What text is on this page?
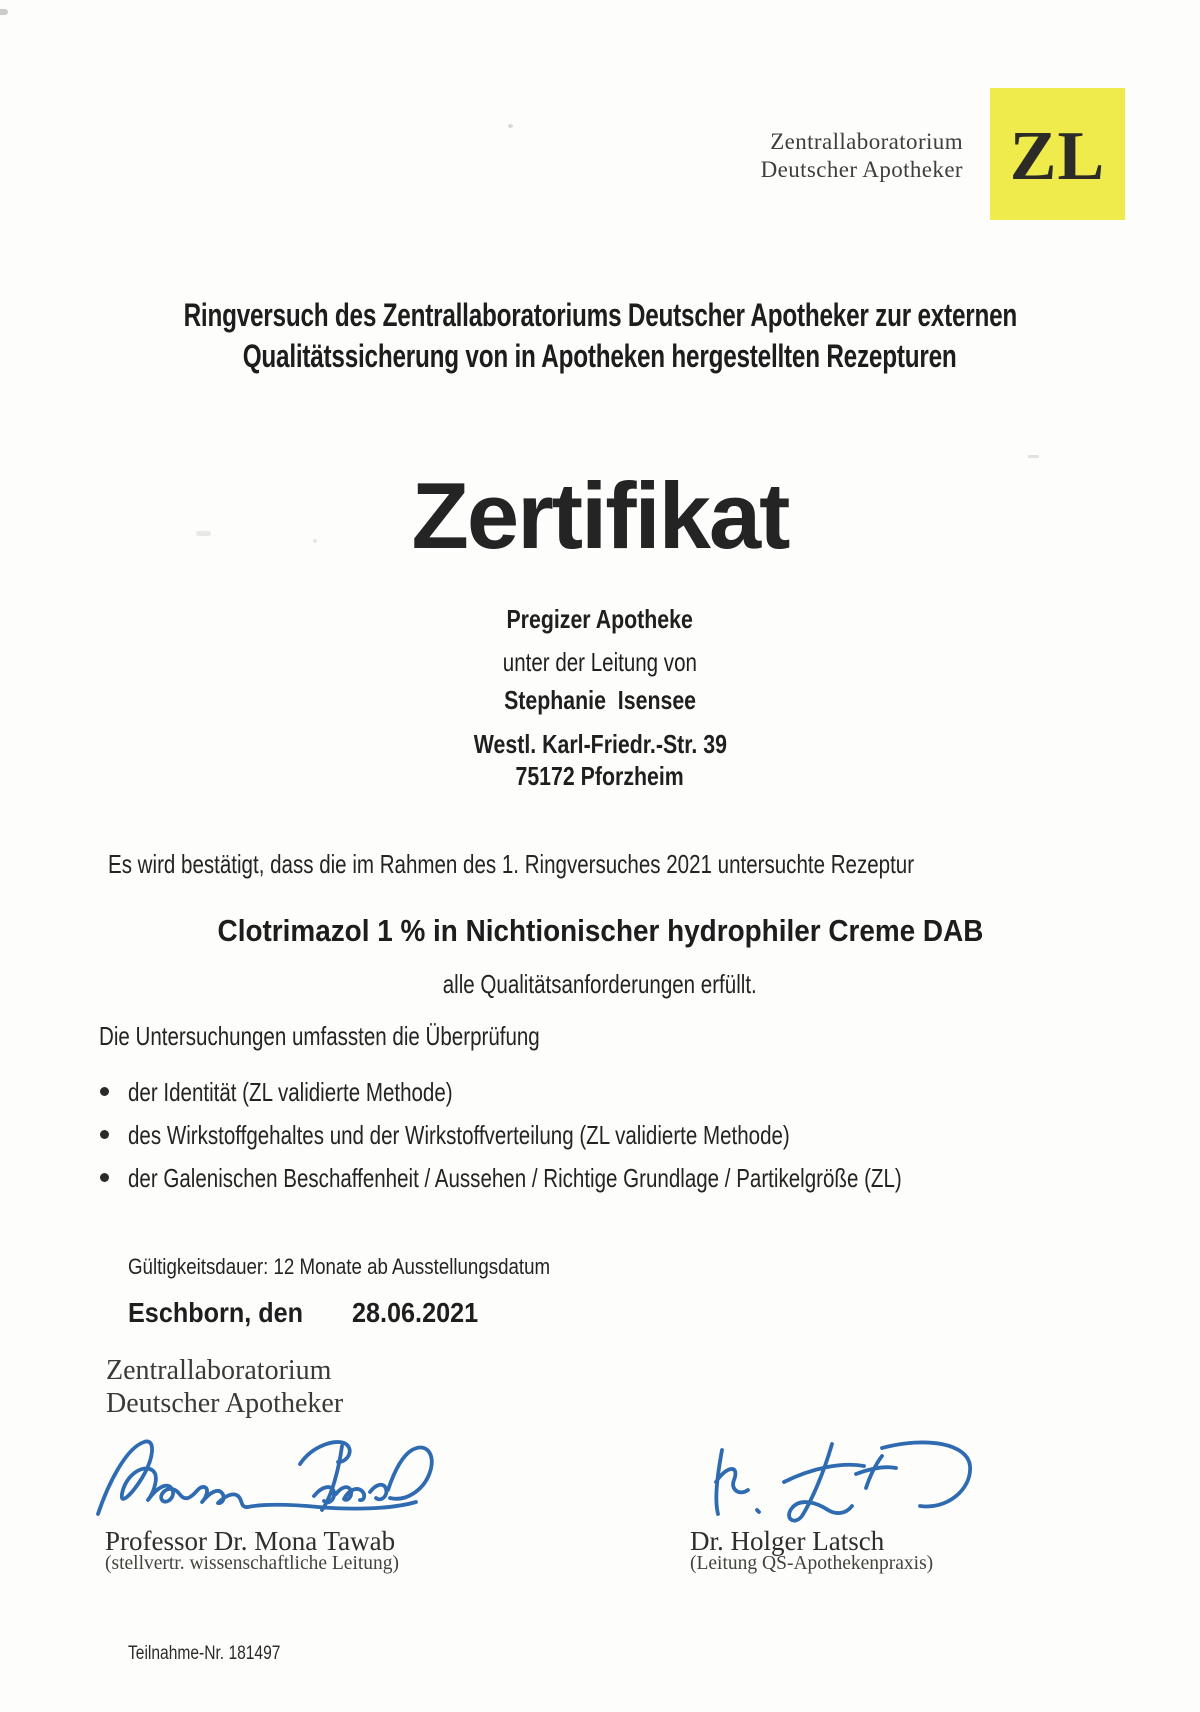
Zentrallaboratorium
Deutscher Apotheker ZL
Ringversuch des Zentrallaboratoriums Deutscher Apotheker zur externen
Qualitätssicherung von in Apotheken hergestellten Rezepturen
Zertifikat
Pregizer Apotheke
unter der Leitung von
Stephanie  Isensee
Westl. Karl-Friedr.-Str. 39
75172 Pforzheim
Es wird bestätigt, dass die im Rahmen des 1. Ringversuches 2021 untersuchte Rezeptur
Clotrimazol 1 % in Nichtionischer hydrophiler Creme DAB
alle Qualitätsanforderungen erfüllt.
Die Untersuchungen umfassten die Überprüfung
der Identität (ZL validierte Methode)
des Wirkstoffgehaltes und der Wirkstoffverteilung (ZL validierte Methode)
der Galenischen Beschaffenheit / Aussehen / Richtige Grundlage / Partikelgröße (ZL)
Gültigkeitsdauer: 12 Monate ab Ausstellungsdatum
Eschborn, den 28.06.2021
Zentrallaboratorium
Deutscher Apotheker
Professor Dr. Mona Tawab
(stellvertr. wissenschaftliche Leitung)
Dr. Holger Latsch
(Leitung QS-Apothekenpraxis)
Teilnahme-Nr. 181497
